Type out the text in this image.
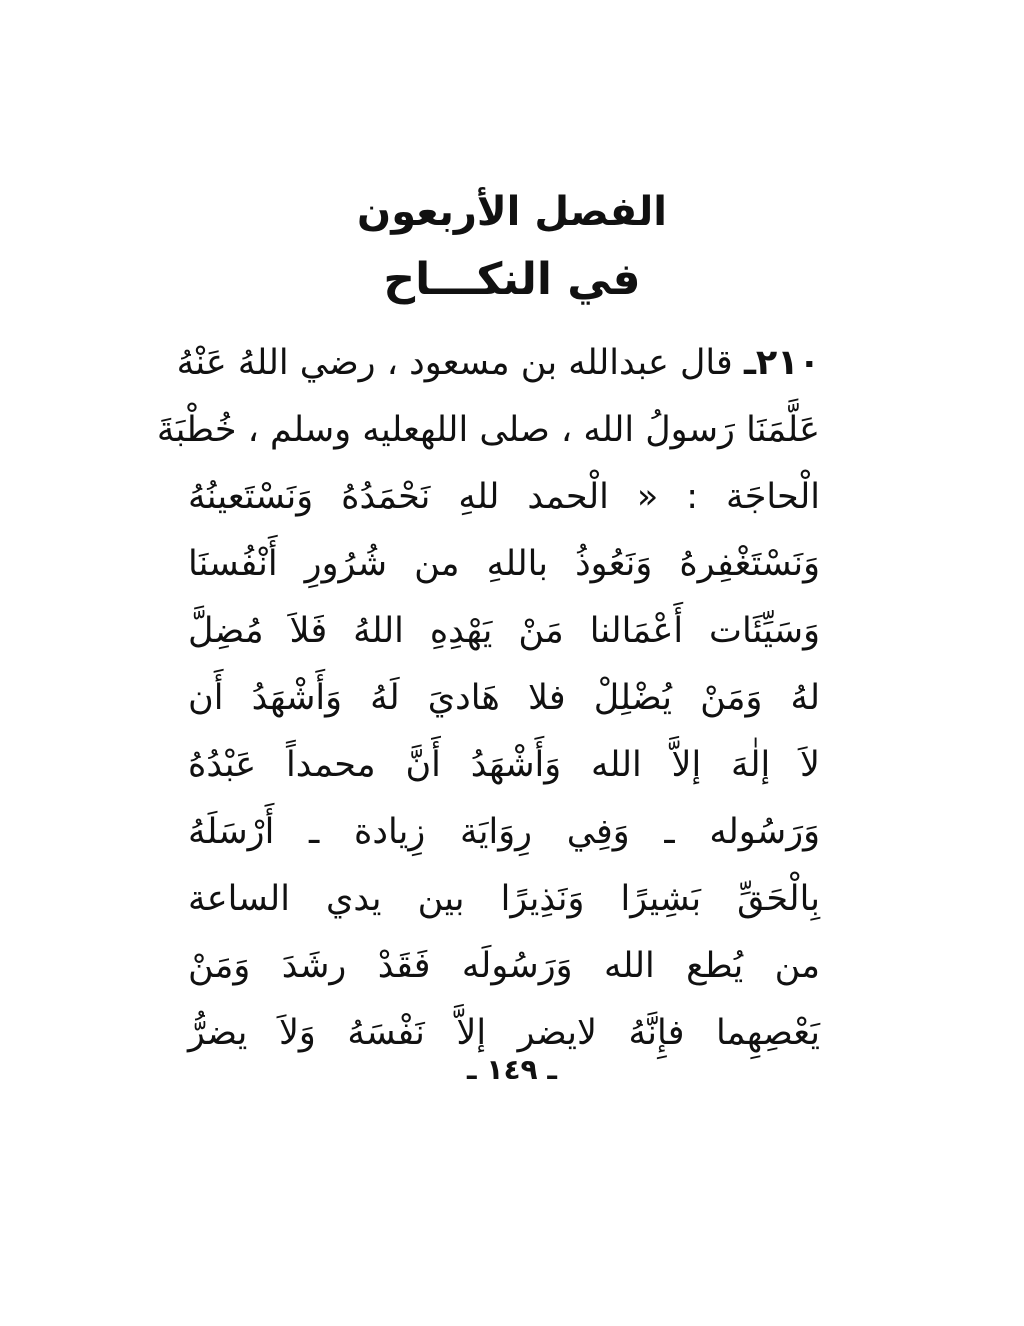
الفصل الأربعون
في النكـــاح
٢١٠ـ قال عبدالله بن مسعود ، رضي اللهُ عَنْهُ
عَلَّمَنَا رَسولُ الله ، صلى اللهعليه وسلم ، خُطْبَةَ
الْحاجَة : « الْحمد للهِ نَحْمَدُهُ وَنَسْتَعينُهُ
وَنَسْتَغْفِرهُ وَنَعُوذُ باللهِ من شُرُورِ أَنْفُسنَا
وَسَيِّئَات أَعْمَالنا مَنْ يَهْدِهِ اللهُ فَلاَ مُضِلَّ
لهُ وَمَنْ يُضْلِلْ فلا هَاديَ لَهُ وَأَشْهَدُ أَن
لاَ إلٰهَ إلاَّ الله وَأَشْهَدُ أَنَّ محمداً عَبْدُهُ
وَرَسُوله ـ وَفِي رِوَايَة زِيادة ـ أَرْسَلَهُ
بِالْحَقِّ بَشِيرًا وَنَذِيرًا بين يدي الساعة
من يُطع الله وَرَسُولَه فَقَدْ رشَدَ وَمَنْ
يَعْصِهِما فإِنَّهُ لايضر إلاَّ نَفْسَهُ وَلاَ يضرُّ
ـ ١٤٩ ـ
